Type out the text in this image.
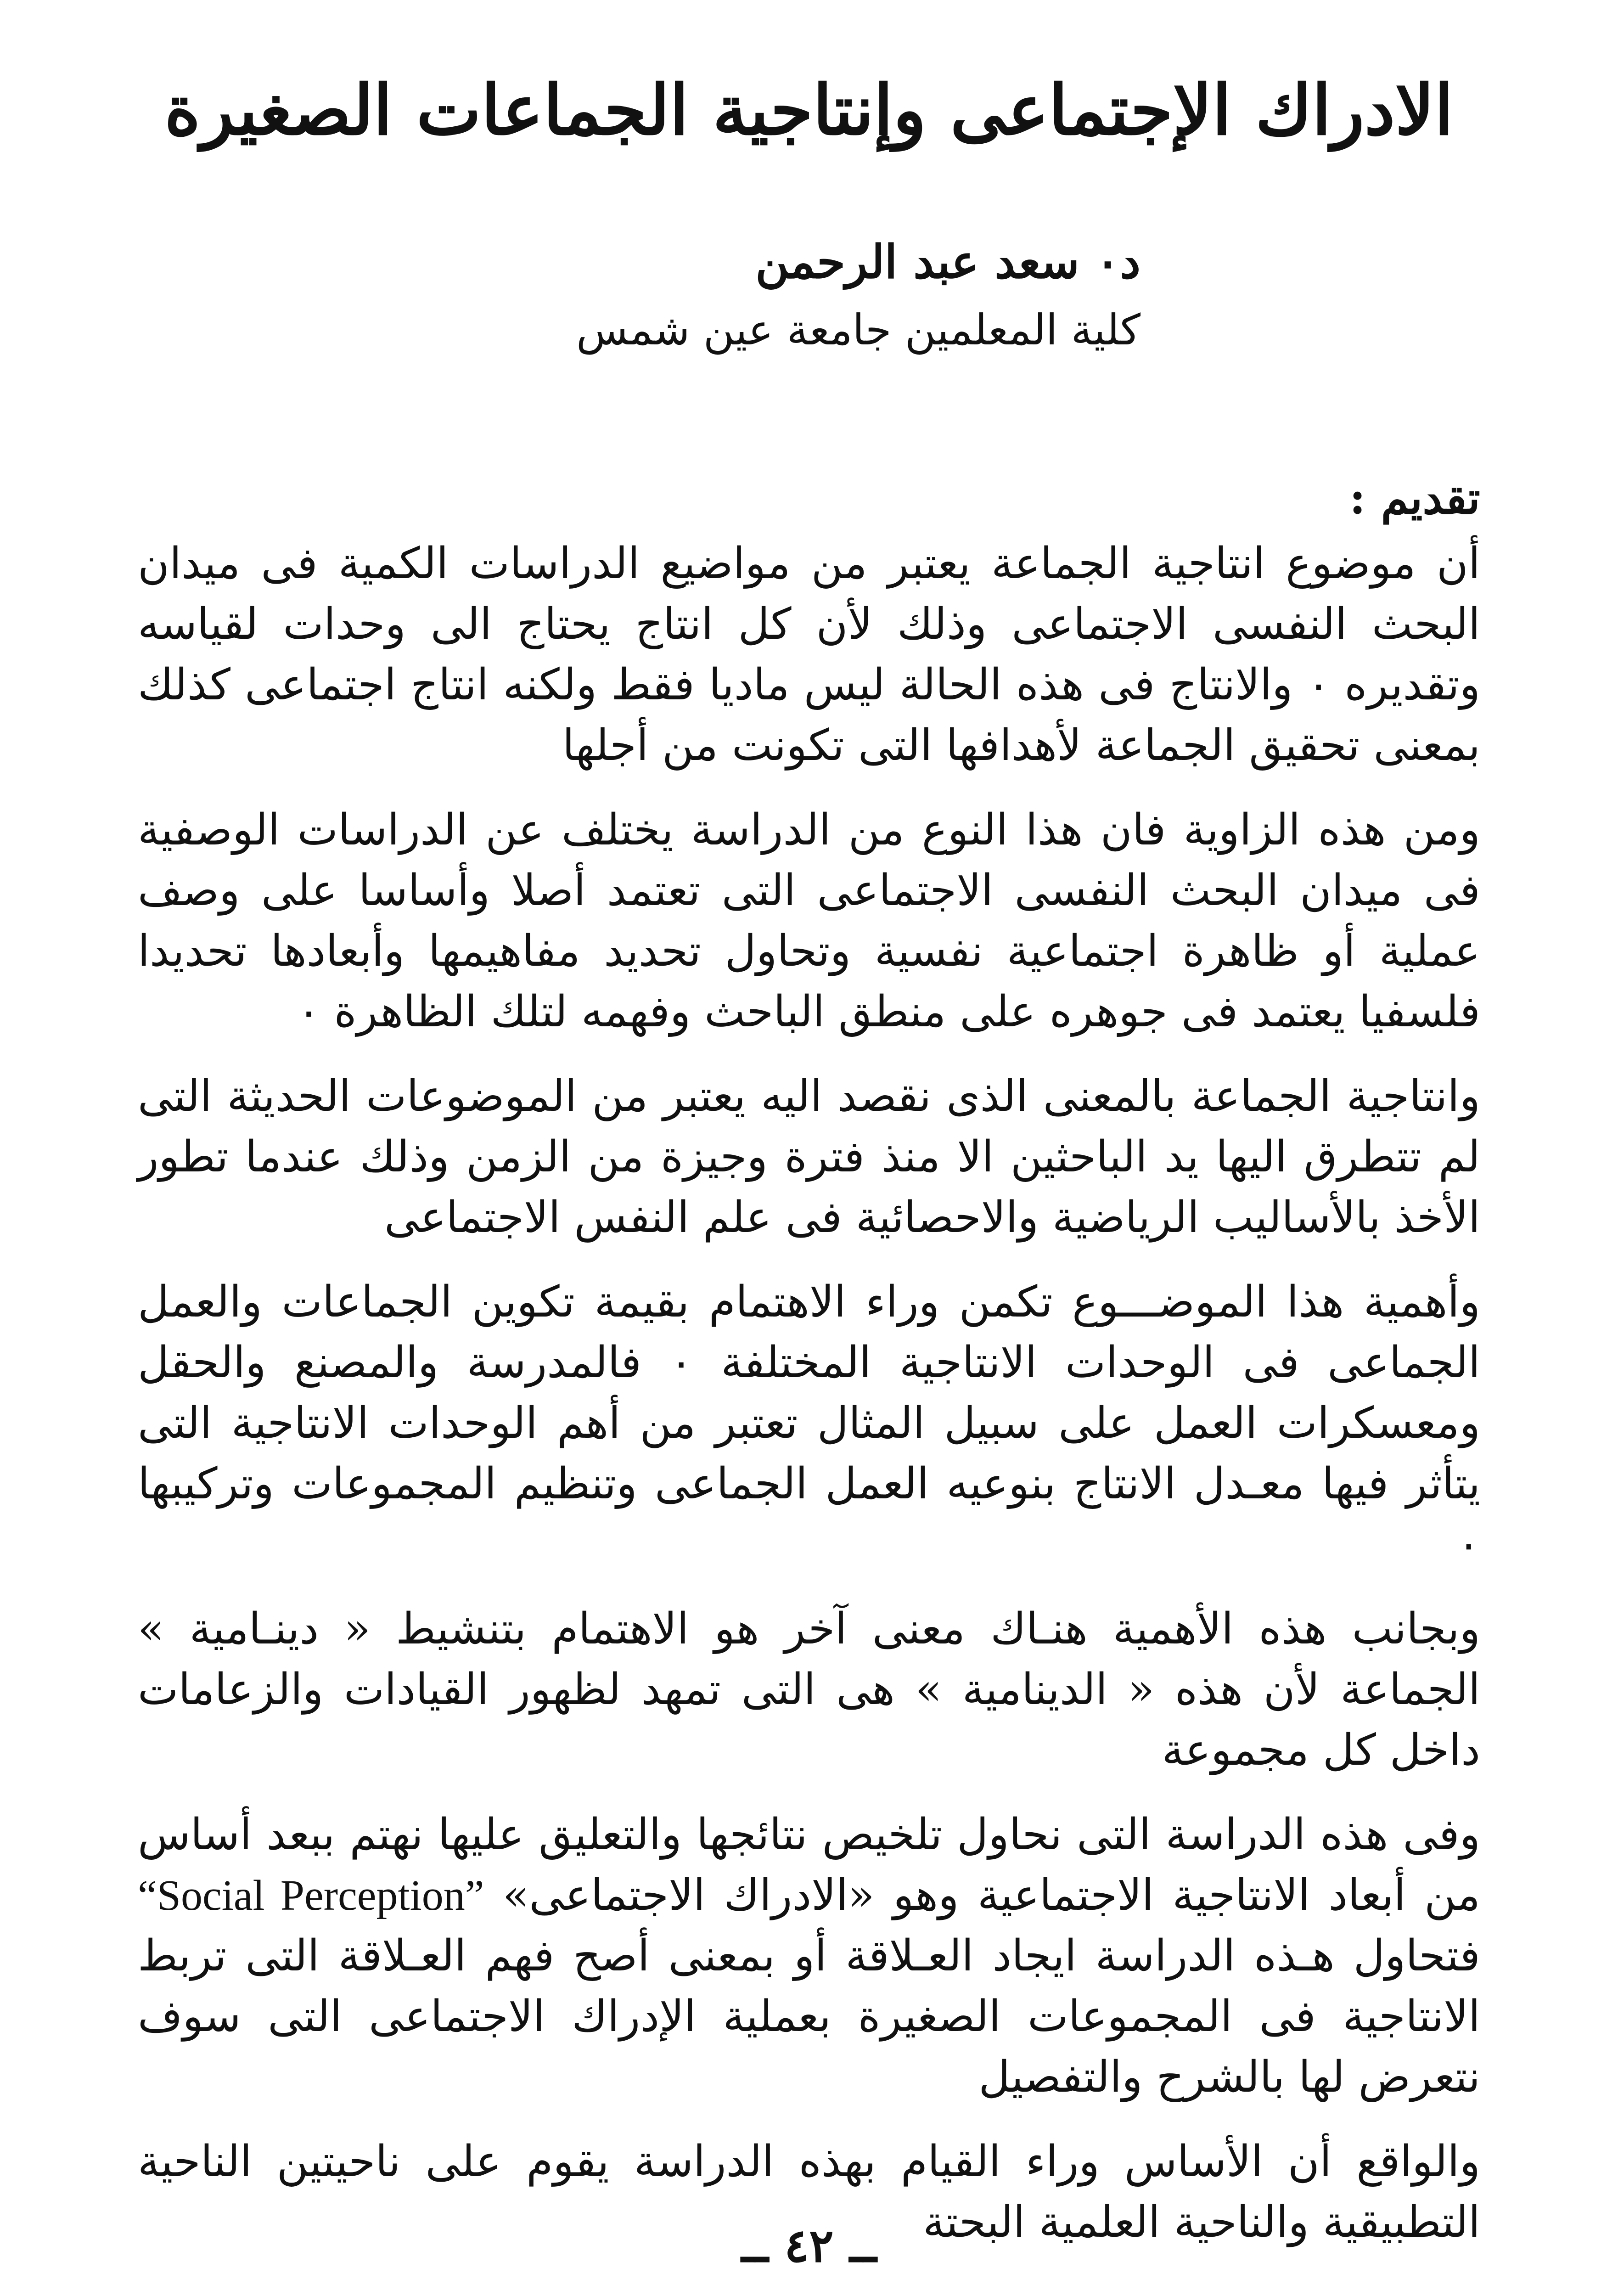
الادراك الإجتماعى وإنتاجية الجماعات الصغيرة
د٠ سعد عبد الرحمن
كلية المعلمين جامعة عين شمس
تقديم :

أن موضوع انتاجية الجماعة يعتبر من مواضيع الدراسات الكمية فى ميدان البحث النفسى الاجتماعى وذلك لأن كل انتاج يحتاج الى وحدات لقياسه وتقديره ٠ والانتاج فى هذه الحالة ليس ماديا فقط ولكنه انتاج اجتماعى كذلك بمعنى تحقيق الجماعة لأهدافها التى تكونت من أجلها

ومن هذه الزاوية فان هذا النوع من الدراسة يختلف عن الدراسات الوصفية فى ميدان البحث النفسى الاجتماعى التى تعتمد أصلا وأساسا على وصف عملية أو ظاهرة اجتماعية نفسية وتحاول تحديد مفاهيمها وأبعادها تحديدا فلسفيا يعتمد فى جوهره على منطق الباحث وفهمه لتلك الظاهرة ٠

وانتاجية الجماعة بالمعنى الذى نقصد اليه يعتبر من الموضوعات الحديثة التى لم تتطرق اليها يد الباحثين الا منذ فترة وجيزة من الزمن وذلك عندما تطور الأخذ بالأساليب الرياضية والاحصائية فى علم النفس الاجتماعى

وأهمية هذا الموضـــوع تكمن وراء الاهتمام بقيمة تكوين الجماعات والعمل الجماعى فى الوحدات الانتاجية المختلفة ٠ فالمدرسة والمصنع والحقل ومعسكرات العمل على سبيل المثال تعتبر من أهم الوحدات الانتاجية التى يتأثر فيها معـدل الانتاج بنوعيه العمل الجماعى وتنظيم المجموعات وتركيبها ٠

وبجانب هذه الأهمية هنـاك معنى آخر هو الاهتمام بتنشيط « دينـامية » الجماعة لأن هذه « الدينامية » هى التى تمهد لظهور القيادات والزعامات داخل كل مجموعة

وفى هذه الدراسة التى نحاول تلخيص نتائجها والتعليق عليها نهتم ببعد أساس من أبعاد الانتاجية الاجتماعية وهو «الادراك الاجتماعى» “Social Perception” فتحاول هـذه الدراسة ايجاد العـلاقة أو بمعنى أصح فهم العـلاقة التى تربط الانتاجية فى المجموعات الصغيرة بعملية الإدراك الاجتماعى التى سوف نتعرض لها بالشرح والتفصيل

والواقع أن الأساس وراء القيام بهذه الدراسة يقوم على ناحيتين الناحية التطبيقية والناحية العلمية البحتة

ــ ٤٢ ــ
